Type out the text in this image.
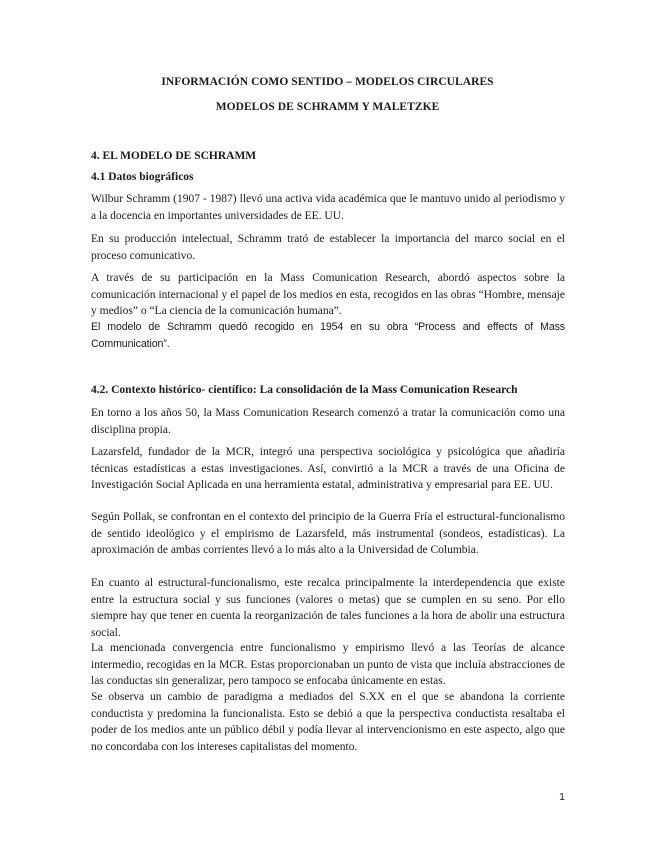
INFORMACIÓN COMO SENTIDO – MODELOS CIRCULARES
MODELOS DE SCHRAMM Y MALETZKE
4. EL MODELO DE SCHRAMM
4.1 Datos biográficos
Wilbur Schramm (1907 - 1987) llevó una activa vida académica que le mantuvo unido al periodismo y a la docencia en importantes universidades de EE. UU.
En su producción intelectual, Schramm trató de establecer la importancia del marco social en el proceso comunicativo.
A través de su participación en la Mass Comunication Research, abordó aspectos sobre la comunicación internacional y el papel de los medios en esta, recogidos en las obras “Hombre, mensaje y medios” o “La ciencia de la comunicación humana”.
El modelo de Schramm quedó recogido en 1954 en su obra “Process and effects of Mass Communication”.
4.2. Contexto histórico- científico: La consolidación de la Mass Comunication Research
En torno a los años 50, la Mass Comunication Research comenzó a tratar la comunicación como una disciplina propia.
Lazarsfeld, fundador de la MCR, integró una perspectiva sociológica y psicológica que añadiría técnicas estadísticas a estas investigaciones. Así, convirtió a la MCR a través de una Oficina de Investigación Social Aplicada en una herramienta estatal, administrativa y empresarial para EE. UU.
Según Pollak, se confrontan en el contexto del principio de la Guerra Fría el estructural-funcionalismo de sentido ideológico y el empirismo de Lazarsfeld, más instrumental (sondeos, estadísticas). La aproximación de ambas corrientes llevó a lo más alto a la Universidad de Columbia.
En cuanto al estructural-funcionalismo, este recalca principalmente la interdependencia que existe entre la estructura social y sus funciones (valores o metas) que se cumplen en su seno. Por ello siempre hay que tener en cuenta la reorganización de tales funciones a la hora de abolir una estructura social.
La mencionada convergencia entre funcionalismo y empirismo llevó a las Teorías de alcance intermedio, recogidas en la MCR. Estas proporcionaban un punto de vista que incluía abstracciones de las conductas sin generalizar, pero tampoco se enfocaba únicamente en estas.
Se observa un cambio de paradigma a mediados del S.XX en el que se abandona la corriente conductista y predomina la funcionalista. Esto se debió a que la perspectiva conductista resaltaba el poder de los medios ante un público débil y podía llevar al intervencionismo en este aspecto, algo que no concordaba con los intereses capitalistas del momento.
1
